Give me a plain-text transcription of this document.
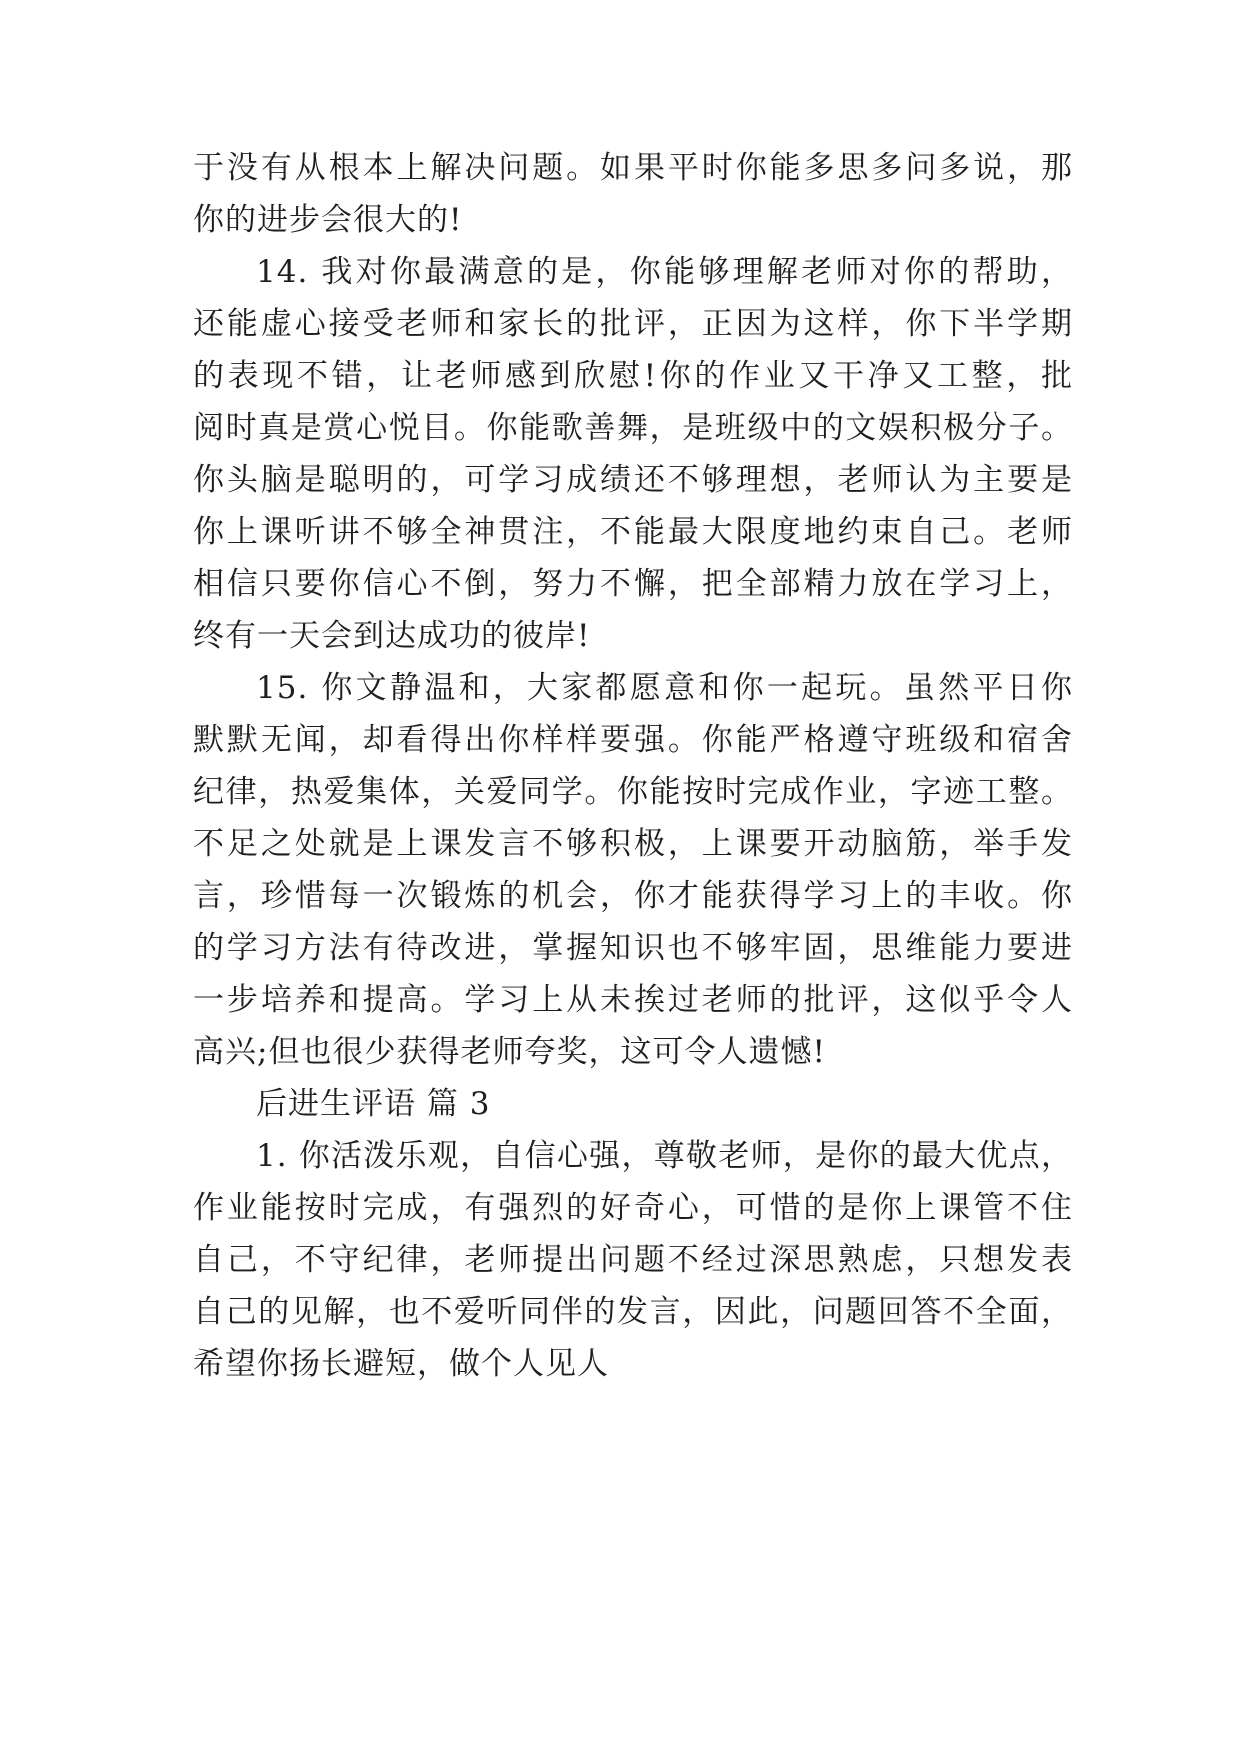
于没有从根本上解决问题。如果平时你能多思多问多说，那
你的进步会很大的!
14. 我对你最满意的是，你能够理解老师对你的帮助，
还能虚心接受老师和家长的批评，正因为这样，你下半学期
的表现不错，让老师感到欣慰!你的作业又干净又工整，批
阅时真是赏心悦目。你能歌善舞，是班级中的文娱积极分子。
你头脑是聪明的，可学习成绩还不够理想，老师认为主要是
你上课听讲不够全神贯注，不能最大限度地约束自己。老师
相信只要你信心不倒，努力不懈，把全部精力放在学习上，
终有一天会到达成功的彼岸!
15. 你文静温和，大家都愿意和你一起玩。虽然平日你
默默无闻，却看得出你样样要强。你能严格遵守班级和宿舍
纪律，热爱集体，关爱同学。你能按时完成作业，字迹工整。
不足之处就是上课发言不够积极，上课要开动脑筋，举手发
言，珍惜每一次锻炼的机会，你才能获得学习上的丰收。你
的学习方法有待改进，掌握知识也不够牢固，思维能力要进
一步培养和提高。学习上从未挨过老师的批评，这似乎令人
高兴;但也很少获得老师夸奖，这可令人遗憾!
后进生评语 篇 3
1. 你活泼乐观，自信心强，尊敬老师，是你的最大优点，
作业能按时完成，有强烈的好奇心，可惜的是你上课管不住
自己，不守纪律，老师提出问题不经过深思熟虑，只想发表
自己的见解，也不爱听同伴的发言，因此，问题回答不全面，
希望你扬长避短，做个人见人
